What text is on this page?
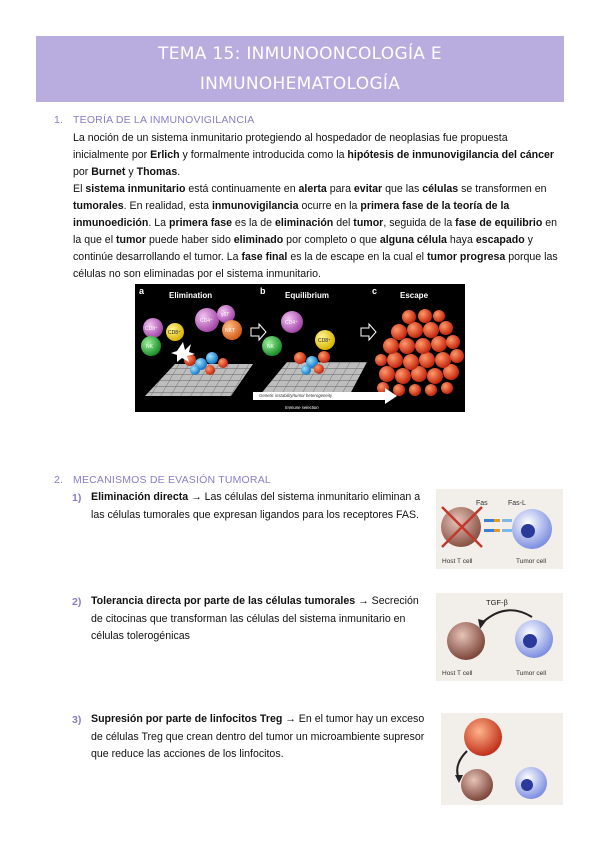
TEMA 15: INMUNOONCOLOGÍA E
INMUNOHEMATOLOGÍA
1. TEORÍA DE LA INMUNOVIGILANCIA
La noción de un sistema inmunitario protegiendo al hospedador de neoplasias fue propuesta inicialmente por Erlich y formalmente introducida como la hipótesis de inmunovigilancia del cáncer por Burnet y Thomas.
El sistema inmunitario está continuamente en alerta para evitar que las células se transformen en tumorales. En realidad, esta inmunovigilancia ocurre en la primera fase de la teoría de la inmunoedición. La primera fase es la de eliminación del tumor, seguida de la fase de equilibrio en la que el tumor puede haber sido eliminado por completo o que alguna célula haya escapado y continúe desarrollando el tumor. La fase final es la de escape en la cual el tumor progresa porque las células no son eliminadas por el sistema inmunitario.
a	Elimination
CD8⁺
CD8⁺
CD4⁺
γδT
NKT
NK
b Equilibrium
CD4⁺
CD8⁺
NK
c	Escape
Genetic instability/tumor heterogeneity
Immune selection
2. MECANISMOS DE EVASIÓN TUMORAL
1) Eliminación directa → Las células del sistema inmunitario eliminan a las células tumorales que expresan ligandos para los receptores FAS.
Fas	Fas-L
Host T cell	Tumor cell
2) Tolerancia directa por parte de las células tumorales → Secreción de citocinas que transforman las células del sistema inmunitario en células tolerogénicas
TGF-β
Host T cell	Tumor cell
3) Supresión por parte de linfocitos Treg → En el tumor hay un exceso de células Treg que crean dentro del tumor un microambiente supresor que reduce las acciones de los linfocitos.
